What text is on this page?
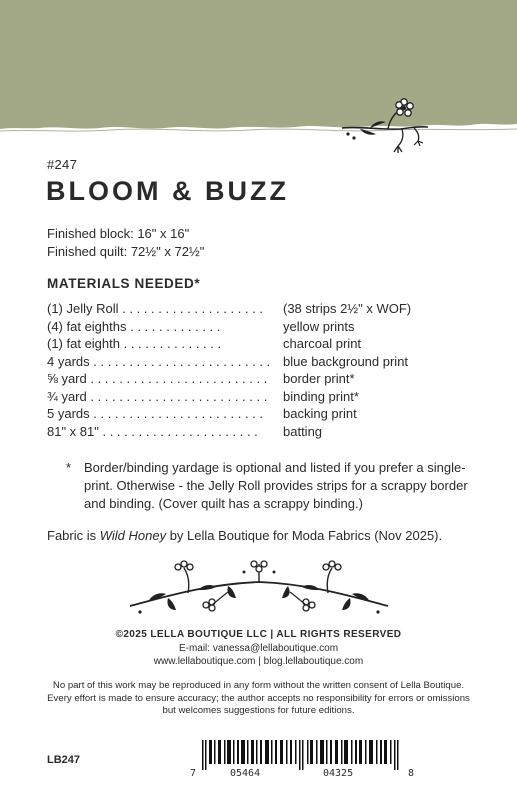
#247
BLOOM & BUZZ
Finished block: 16" x 16"
Finished quilt: 72½" x 72½"
MATERIALS NEEDED*
(1) Jelly Roll . . . . . . . . . . . . . . . . . . . .	(38 strips 2½" x WOF)
(4) fat eighths . . . . . . . . . . . . .	yellow prints
(1) fat eighth . . . . . . . . . . . . . .	charcoal print
4 yards . . . . . . . . . . . . . . . . . . . . . . . . . blue background print
⅝ yard . . . . . . . . . . . . . . . . . . . . . . . . .	border print*
¾ yard . . . . . . . . . . . . . . . . . . . . . . . . .	binding print*
5 yards . . . . . . . . . . . . . . . . . . . . . . . .	backing print
81" x 81" . . . . . . . . . . . . . . . . . . . . . .	batting
* Border/binding yardage is optional and listed if you prefer a single-print. Otherwise - the Jelly Roll provides strips for a scrappy border and binding. (Cover quilt has a scrappy binding.)
Fabric is Wild Honey by Lella Boutique for Moda Fabrics (Nov 2025).
©2025 LELLA BOUTIQUE LLC | ALL RIGHTS RESERVED
E-mail: vanessa@lellaboutique.com
www.lellaboutique.com | blog.lellaboutique.com
No part of this work may be reproduced in any form without the written consent of Lella Boutique. Every effort is made to ensure accuracy; the author accepts no responsibility for errors or omissions but welcomes suggestions for future editions.
LB247
7	05464	04325	8
